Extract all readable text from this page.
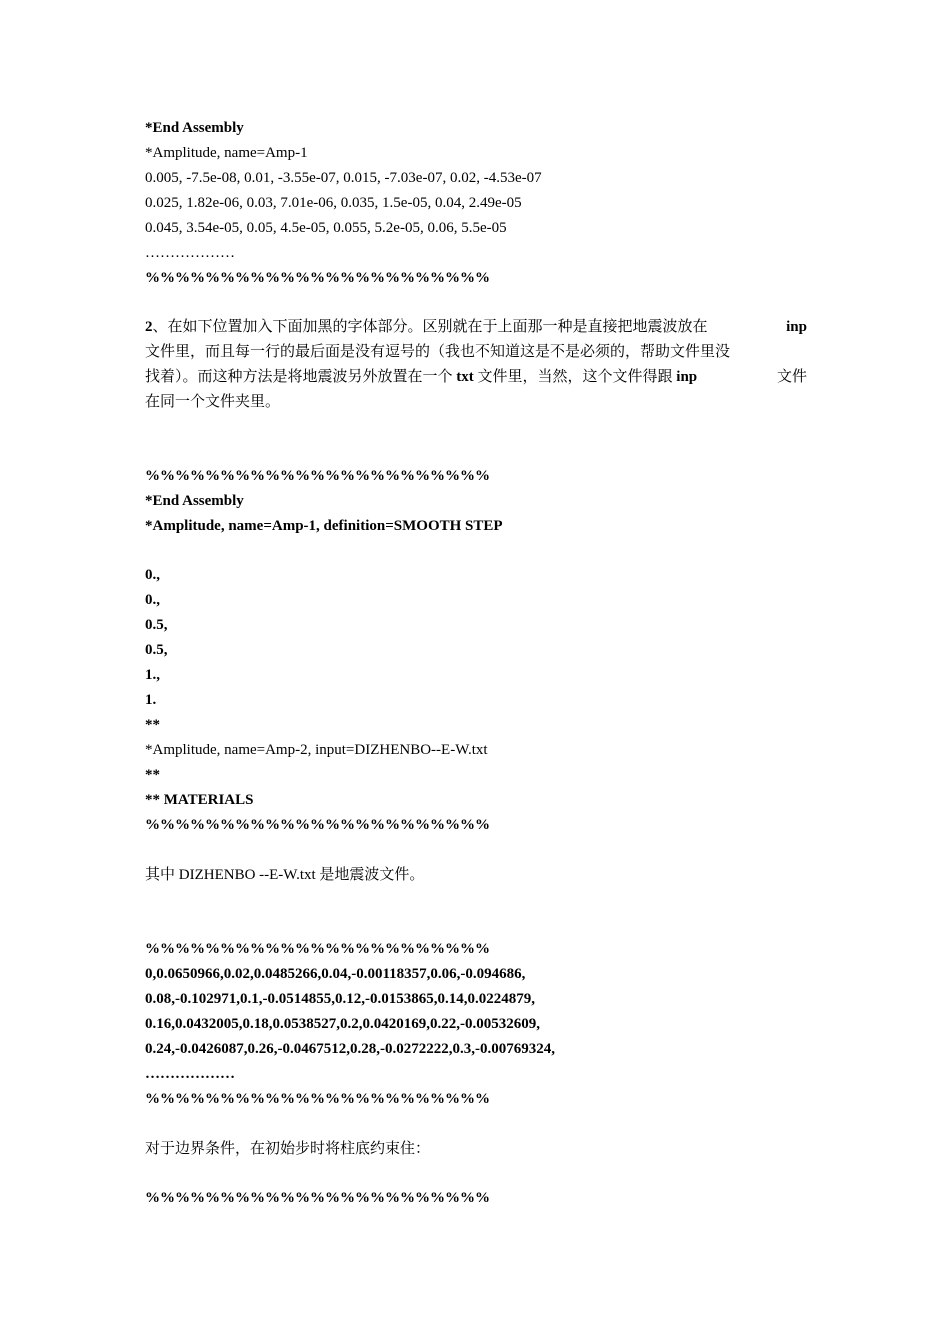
*End Assembly
*Amplitude, name=Amp-1
0.005, -7.5e-08, 0.01, -3.55e-07, 0.015, -7.03e-07, 0.02, -4.53e-07
0.025, 1.82e-06, 0.03, 7.01e-06, 0.035, 1.5e-05, 0.04, 2.49e-05
0.045, 3.54e-05, 0.05, 4.5e-05, 0.055, 5.2e-05, 0.06, 5.5e-05
………………
%%%%%%%%%%%%%%%%%%%%%%%
2、在如下位置加入下面加黑的字体部分。区别就在于上面那一种是直接把地震波放在	inp
文件里，而且每一行的最后面是没有逗号的（我也不知道这是不是必须的，帮助文件里没
找着）。而这种方法是将地震波另外放置在一个 txt 文件里，当然，这个文件得跟 inp	文件
在同一个文件夹里。
%%%%%%%%%%%%%%%%%%%%%%%
*End Assembly
*Amplitude, name=Amp-1, definition=SMOOTH STEP
0.,
0.,
0.5,
0.5,
1.,
1.
**
*Amplitude, name=Amp-2, input=DIZHENBO--E-W.txt
**
** MATERIALS
%%%%%%%%%%%%%%%%%%%%%%%
其中 DIZHENBO --E-W.txt 是地震波文件。
%%%%%%%%%%%%%%%%%%%%%%%
0,0.0650966,0.02,0.0485266,0.04,-0.00118357,0.06,-0.094686,
0.08,-0.102971,0.1,-0.0514855,0.12,-0.0153865,0.14,0.0224879,
0.16,0.0432005,0.18,0.0538527,0.2,0.0420169,0.22,-0.00532609,
0.24,-0.0426087,0.26,-0.0467512,0.28,-0.0272222,0.3,-0.00769324,
………………
%%%%%%%%%%%%%%%%%%%%%%%
对于边界条件，在初始步时将柱底约束住：
%%%%%%%%%%%%%%%%%%%%%%%
